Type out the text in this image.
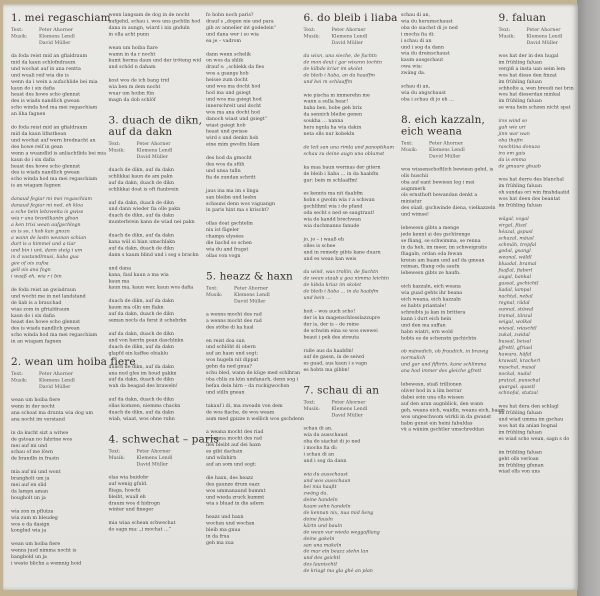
1. mei regaschiam
Text:	Peter Ahorner
Musik:	Klemens Lendl
David Müller
da foda reist mid an gfialdraum
mid da kaun schlofndraum
und wochat auf in ana rentta
und wuali reif wia die is
wenn da i wein a aufachlide bei mia
kaun do i six dafia
heast des howe scho glennst
des is wiads nandlich gwean
scho winda hod ma mei regaschiam
an liha fagnen
do foda reist mid an gfialdraum
mid da kaun lifnsthean
und wochat auf wern brednacht an
des howe reif in gean
wenn a wuandlid is anliachtlids bei mia
kaun do i six dafia
heast des howe scho glennst
des is wiads nandlich gwean
scho winda hod ma mei regaschiam
is an wiagam fagnen
danaud fegiar mi mei regaschiam
danaud fegiar mi ned, eh kloa
a sche bein lebzweita is gwiss
wia r ana brantlkantn gfoan
a ken trixi wean aufgschlogn
es is so, i hob kan gnozn
a wann de lastn weanan schian
durt is a himmel und a tiar
und bin i unt, dann steig i um
in d vastandlmusi, liaba gua
gee of ois zufoa
gell ois ana fogn
i waaß eh, wia r i bin
de foda reist an gwiadraun
und wocht me in net landstand
de liab is a brauchad
wias zom in gfrialdraum
kaun do i six dafia
heast des howe scho glennst
des is wiads nandlich gwean
scho winda hod ma mei regaschiam
in an wiagam fagnen
2. wean um hoiba fiere
Text:	Peter Ahorner
Musik:	Klemens Lendl
David Müller
wean um hoiba fiere
wenn in der nocht
ana schoat ma drunta wia dog um
ana nocht im verstand
in da kucht sizt a witwe
de gstoan no fahrtne wos
mei auf mi und
schau of me löwn
de brandln in frastn
mia auf mi und wont
brangholt um ja
mei auf en slid
da lampn aman
hougholt un ja
wia zon m pflutza
wia zum m bleudeg
wos e da dasign
konglnd wia ja
wean um hoiba fiere
wenns jusd nimma nocht is
bangbold un ja
i weste blichn a wemnig hoid
wenn langsam de dog in de nocht
aufgehd, schau i, wos uns gschtln hod
dana in aungn, wiard i nix gnduln
in olla acht punn
wean um hoiba fiare
wamn in da r nocht
kumt herma daun und der tröteng wid
und schöd n daham
kost wos de ich bang trid
wia ben m dem nocht
wuar um hoibn fün
magn da dob schlöf
3. duach de dikn,
auf da dakn
Text:	Peter Ahorner
Musik:	Klemens Lendl
David Müller
duach de dikn, auf da dakn
schlikkai kaun de am pakn
auf da dakn, duach de dikn
schlikkai doat is oft fianbrein
auf da dakn, duach de dikn
und dann wieder fia olle pakn
duach de dikn, auf da dakn
munterbrein kann de wiad nei pakn
duach de dikn, auf da dakn
kana wül si hian umschlakn
auf da dakn, duach de dikn
dann s kaum blind und i sog s brackn
und dana
kana, faul kaun a ma wia
kaun ma
kaun ma, kaun wer, kaun wos dafia
duach de dikn, auf da dakn
kaum ma olln um flakn
auf da dakn, duach de dikn
semsn nocls da ferst it schebrkn
auf da dakn, duach de dikn
und von herrln gean daschlnkn
duach de dikn, auf da dakn
glapfd ein kaffee obiaklu
duach de dikn, auf da dakn
ana nud gles im houd gakkn
auf da dakn, duach de dikn
wah da beagad des braweln!
auf da dakn, duach de dikn
ollas komzen, niemms chackn
duach de dikn, auf da dakn
wiab, wiaat, wos ohne ruhn
4. schwechat – paris
Text:	Peter Ahorner
Musik:	Klemens Lendl
David Müller
olas wia buidobr
auf wenig gfuld.
fliaga, hoschi
bleibt, wuall eh
draum wos d hidrogn
winter und fineger
mia wiaa schean schwechat
do sagn ma: „i mochat …“
fo hobn noch paris?
drauf s „dogen nie und para
gib av annelier int godedein“
und dana wer i so wia
ea je – vadrom
dann wenn schelik
on wos da shlik
drauf s: „schlekk da fies
wos a gsangs hob
heisse zum docht
und wos ma docht hod
hod ma und gsiegt
und wos ma gsiegt hod
innerschreit und docht
wos ma ana docht hod
danoch wiast und gsiegt“
wiast gsiegt hob
heast und gwisse
wird s und denkn hob
eine mim gwoltn blam
des hod da gmocht
des wos da sfüh
und unsa tulln
fia de zundan schritt
jaus ina ma im s linga
san bleibn und leebn
schauns denn wos vaguangn
in paris hint ma s krischt?
ollas doat gschtelin
nix ist fägeler
champs elysées
die liachd so schen
wia du and fragst
ollas von vogn
5. heazz & haxn
Text:	Peter Ahorner
Musik:	Klemens Lendl
David Müller
a wenns mocht des rad
a wenns mocht des rad
des stöhe di ka hasl
en reist doa sun
und schlöht di obern
auf an hasn und sogt:
wos hugeln nit dippat
gehn da ned gnua?
schu bled, wann de küge med schlbran
oba chlis zu kün umfanach, denn sog i
befau dein hirn – da ruckigwochsn
und sülln gnean
takauf i di, ma zwoadn von dem
de wos fiache, de wos weam
aum med gpizze n wellich wos gschdenn
a weana mocht des riad
a weana mocht des rad
des bleibt auf dei haxn
es gibt dachsin
und wilxhirn
auf an som und sogt:
die haxn, des heazz
des gaunze drum eazz
wos ummanaund bummt
und wieda zruck kummt
wia s bluad in die adern
heazz und haxn
wochsn und wochsn
bleib ma gnua
in da frua
geh ma zua
6. do bleib i liaba
Text:	Peter Ahorner
Musik:	Klemens Lendl
David Müller
da wixn, una sieche, de fuchtn
de mon deut i gar wixenn tochtn
de kilbde kriar im skolet
de bleib i liaba, an da haadfm
und bei m schlaaffm
wie pischa m immerehn me
wann a sulla hear!
baba ben, bobe geh brix
da sennich bleibe genen
soukha … nanna
hers ngnla ha wia dakin
neta olls nur kobekln
de leit san una rimla und panoptikum
schau zu deine augn una oblumst
ka maa baun wermas der gitern
de bleib i liaba … in da haabfm
gar: bein m schlaaffm!
es kennts ma nit daabfm
hobn s gwolm wia r a schwan
gschlihml wia i de pfand
oda secht s ned se saugtraut!
wia de kandd brechwan
wia duchmanns fanude
jo, jo – i waaß eh
olles is schee
und in remedy gibts kane duarn
und es wean kan weis
da wind, was trollin, de fiachtn
de wean staub a goa nimma leichtn
de kibda kriaz im skolet
de bleib i liaba … in da haabfm
und bein …
hoit – wos auch scho!
der is ka magenschlosslazzupre
der is, der is – de reine
de schwim eina so wos swewei
beaut i pek des streuta
ruße aus da haabfm!
auf de gassn, in de seiwd
es guad, aus kaun i s vagn
es hobts ma gibbn!
7. schau di an
Text:	Peter Ahorner
Musik:	Klemens Lendl
David Müller
schau di an.
wia du ausschaust
oba do siachst di jo ned
i mochs fia di:
i schau di an
und i sog da dann
wia du ausschaust
und wos ausschaun
bei mia haaßt
zwäng da.
deine handeln
kaum sehn handeln
de kennan nix, nua mid lieng
deine fausln
kärtn und bauln
de wean vur wieda weggafliang
deine gakeln
san una makeln
de mar ein beazz stehn lan
und des gsichtl
des launischtl
de kriagt ma gla ghé an plan
schau di an,
wia du herumschaust
oba do siachst di jo ned
i mochs fia di:
i schau di an
und i sog da dann
wia du dreinschaust
kaum ausgschaut
owa wia:
zwäng da.
schau di an,
wia du angschaust
oba i schau di jo eh …
8. eich kazzaln,
eich weana
Text:	Peter Ahorner
Musik:	Klemens Lendl
David Müller
wos wissenschoftlich bewiesn gehd, is
olls huschii
oba auf eant bewiesn leg i mei
augnmerk
ols ernsthoft bewandan denkt a
miniatur
des süaß, gschwinde diena, vielkazzeln
und wimse!
lebewesn gibts a menge
jede kennt si des gschtrenge
se fliang, se schwimma, se renna
in da heh, im meer, im schweigratis
fliagaln, ordan oda fewan
kreisn am baam und auf da gmean
reiman, fliang oda saufn
lebewesn gibts ze haufn.
eich kazzaln, eich weana
wia guad gehts ihr beana
eich weana, eich kazzaln
es habts priantale!
schreibts ja kan in brittera
kann i durt eich hein
und den ma suffan
habn wiatri, ern wold
hobts es de schenstn gschichtn
ob mänedich, ob fraudich, in brawig
normalich
und gar und fifhrtn, kane schlimma
ana hod immer des gleiche gfrett
lebewesn, süaß trillionen
oliver hod in a lim berrar
dabei soin una olls wissen
auf den aran augnblick, den wann
geh, weans eich, waidln, weans eich, baam
wos ungeschwom wirkli in da gwanst
habn gunst ein heini fabuldas
vü a wänim gschtler umschreddan
9. faluan
Text:	Peter Ahorner
Musik:	Klemens Lendl
David Müller
wos hat der in den hugal
im frühling faluan
vergiß a insta uan seim lem
wos hat diese den finzat
im frühling faluan
schholte a, wen breudi nei brin
wos hat dieserdan minkal
im frühling faluan
se wua hein schzen nicht spat
irss wind so
gah wie uri
jinn war wan
oba thafin
raschtina donuza
ira em gais
da is emma
de gmuare ghuab
wos hat derre des blanchal
im frühling faluan
oh sundas ori win fmshdaatid
wos hat deen des beantat
im frühling faluan
wägal, vogal
virgal, füszl
héazal, gspusl
schazal, mäusl
schmäh, tropfal
godal, gsangl
weanal, wäldl
bluadal, bramal
fuaßal, fiaberl
augal, bankal
gassal, gschichtl
liadal, lampal
nachtal, nebal
regnal, rädal
sunnal, stüwal
tramal, tänzal
veigal, wolkal
wiesal, wiaschtl
zukal, zwidal
bussal, beisal
gfrettl, gfriasl
hawara, häfal
krawatl, kracherl
maschal, masal
nockal, nudal
pratzal, punschal
quargal, quastl
schnofal, stutzal
wos hat dera den schlagl
im frühling faluan
und wiad umma im gschau
wos hat da anian bognal
im frühling faluan
es wiad scho wean, sagn s do
im frühling faluan
geht olls verloan
im frühling gfunan
wiad olls von uns
